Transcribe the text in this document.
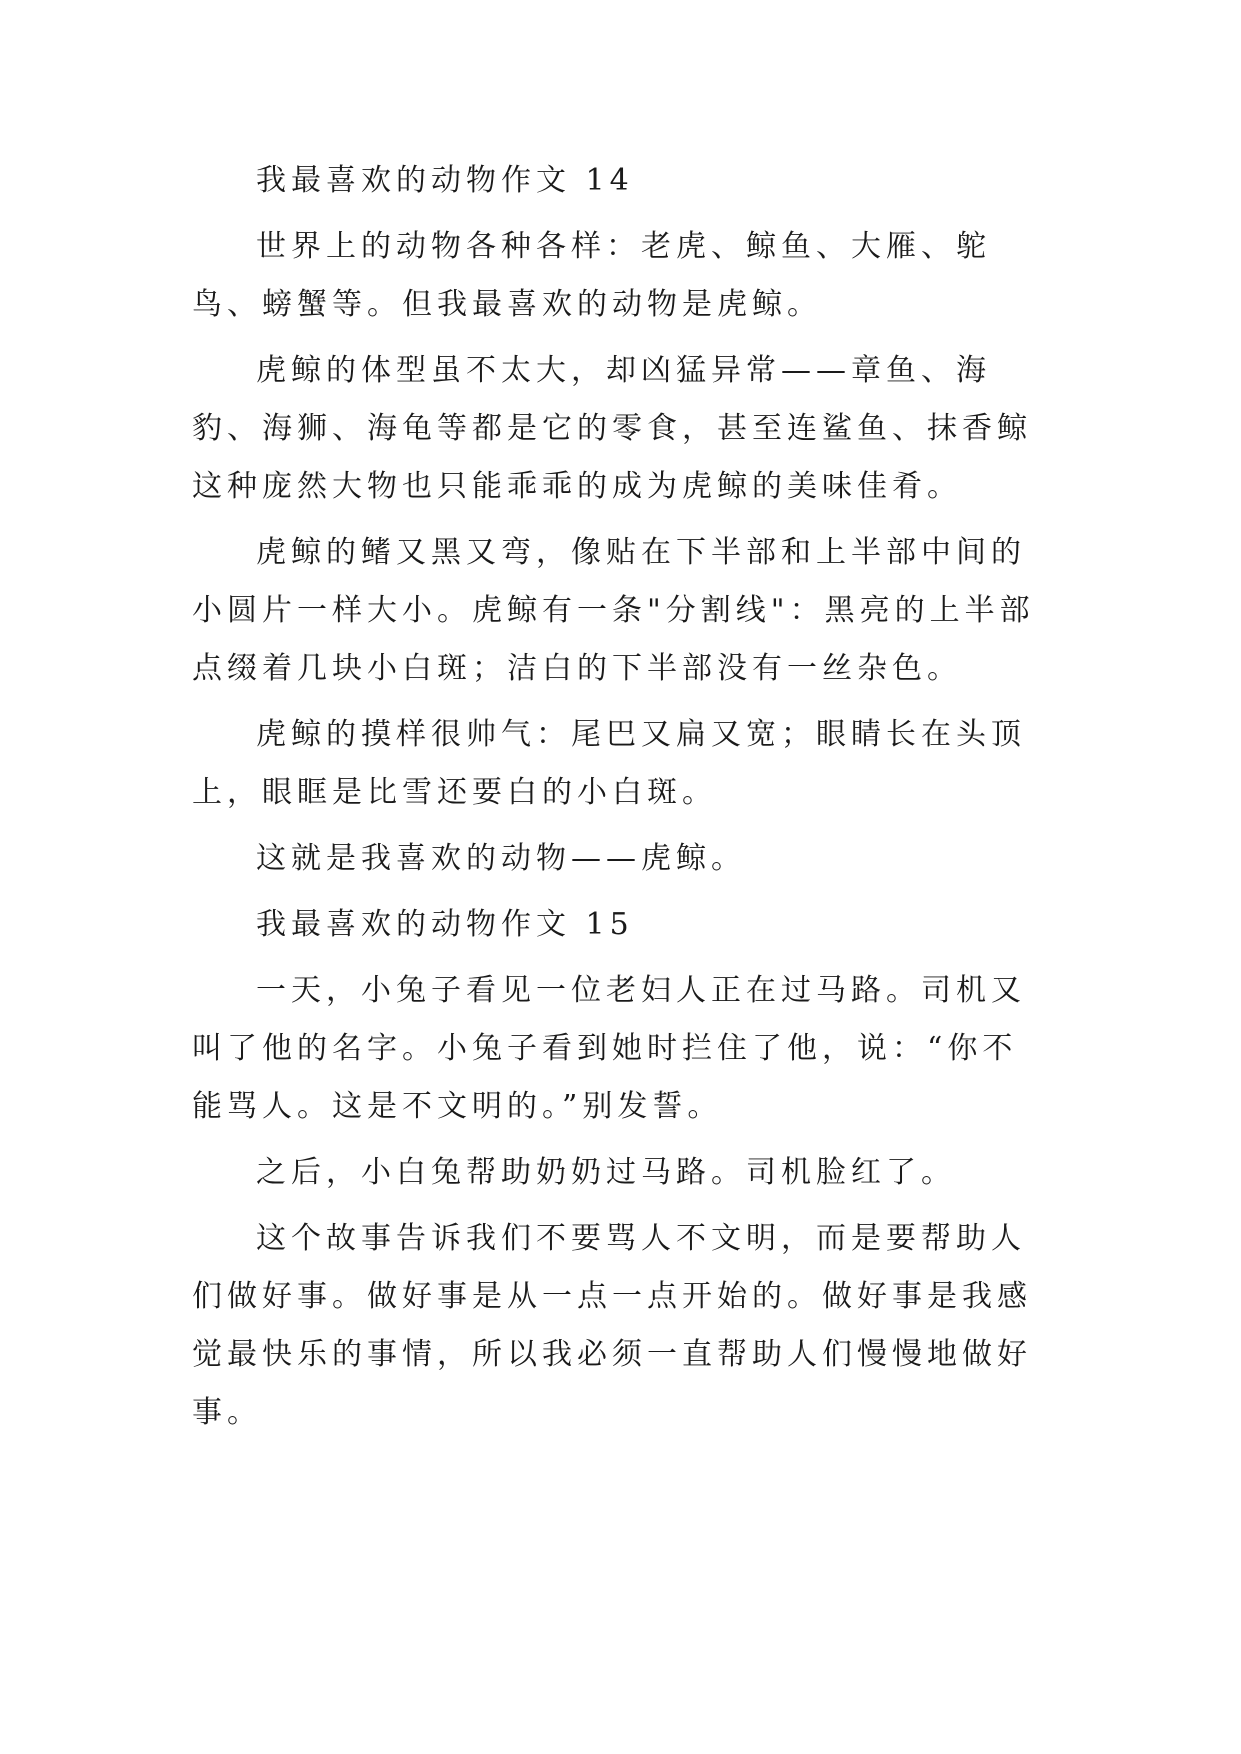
我最喜欢的动物作文 14

世界上的动物各种各样：老虎、鲸鱼、大雁、鸵鸟、螃蟹等。但我最喜欢的动物是虎鲸。

虎鲸的体型虽不太大，却凶猛异常——章鱼、海豹、海狮、海龟等都是它的零食，甚至连鲨鱼、抹香鲸这种庞然大物也只能乖乖的成为虎鲸的美味佳肴。

虎鲸的鳍又黑又弯，像贴在下半部和上半部中间的小圆片一样大小。虎鲸有一条"分割线"：黑亮的上半部点缀着几块小白斑；洁白的下半部没有一丝杂色。

虎鲸的摸样很帅气：尾巴又扁又宽；眼睛长在头顶上，眼眶是比雪还要白的小白斑。

这就是我喜欢的动物——虎鲸。

我最喜欢的动物作文 15

一天，小兔子看见一位老妇人正在过马路。司机又叫了他的名字。小兔子看到她时拦住了他，说：“你不能骂人。这是不文明的。”别发誓。

之后，小白兔帮助奶奶过马路。司机脸红了。

这个故事告诉我们不要骂人不文明，而是要帮助人们做好事。做好事是从一点一点开始的。做好事是我感觉最快乐的事情，所以我必须一直帮助人们慢慢地做好事。
